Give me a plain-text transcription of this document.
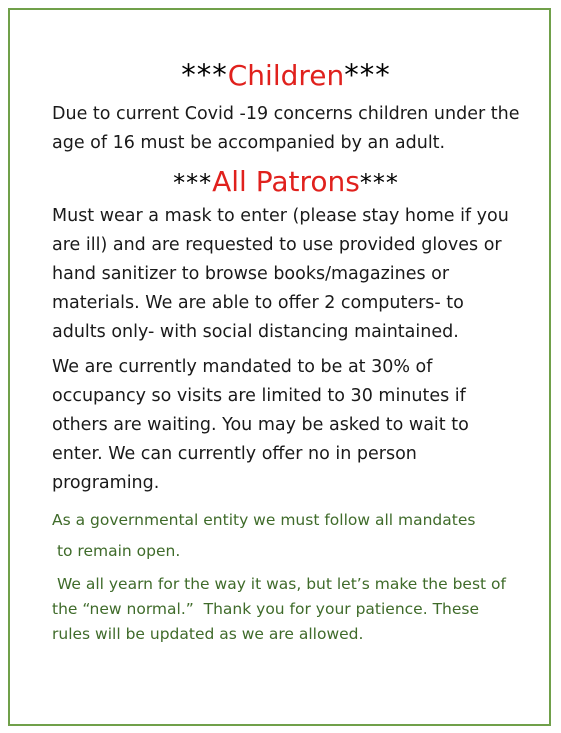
***Children***

Due to current Covid -19 concerns children under the age of 16 must be accompanied by an adult.

***All Patrons***

Must wear a mask to enter (please stay home if you are ill) and are requested to use provided gloves or hand sanitizer to browse books/magazines or materials. We are able to offer 2 computers- to adults only- with social distancing maintained.

We are currently mandated to be at 30% of occupancy so visits are limited to 30 minutes if others are waiting. You may be asked to wait to enter. We can currently offer no in person programing.

As a governmental entity we must follow all mandates

to remain open.

We all yearn for the way it was, but let’s make the best of the “new normal.”  Thank you for your patience. These rules will be updated as we are allowed.
